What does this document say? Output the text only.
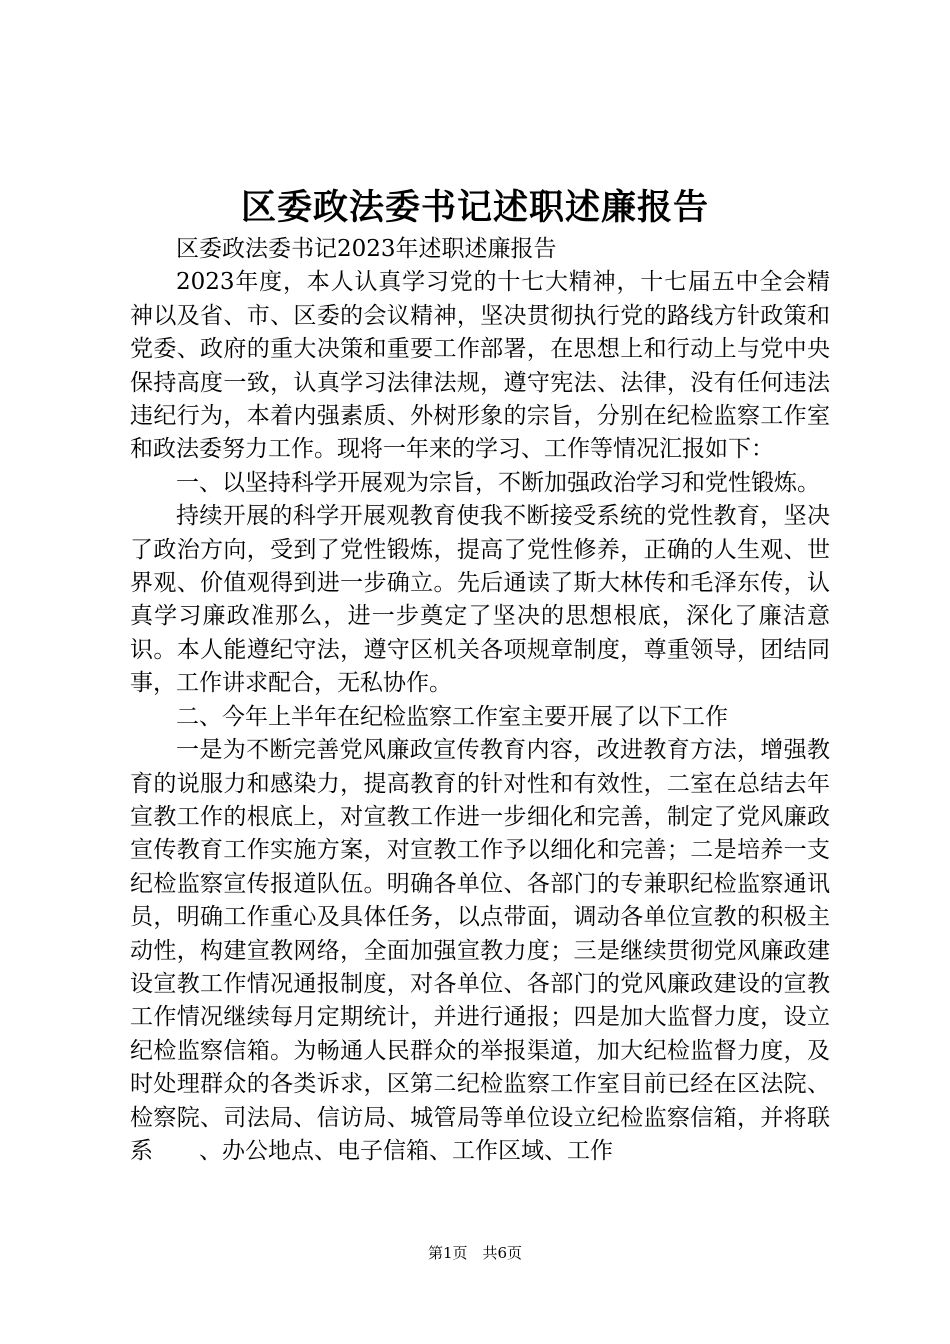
区委政法委书记述职述廉报告

区委政法委书记2023年述职述廉报告

2023年度，本人认真学习党的十七大精神，十七届五中全会精神以及省、市、区委的会议精神，坚决贯彻执行党的路线方针政策和党委、政府的重大决策和重要工作部署，在思想上和行动上与党中央保持高度一致，认真学习法律法规，遵守宪法、法律，没有任何违法违纪行为，本着内强素质、外树形象的宗旨，分别在纪检监察工作室和政法委努力工作。现将一年来的学习、工作等情况汇报如下：

一、以坚持科学开展观为宗旨，不断加强政治学习和党性锻炼。

持续开展的科学开展观教育使我不断接受系统的党性教育，坚决了政治方向，受到了党性锻炼，提高了党性修养，正确的人生观、世界观、价值观得到进一步确立。先后通读了斯大林传和毛泽东传，认真学习廉政准那么，进一步奠定了坚决的思想根底，深化了廉洁意识。本人能遵纪守法，遵守区机关各项规章制度，尊重领导，团结同事，工作讲求配合，无私协作。

二、今年上半年在纪检监察工作室主要开展了以下工作

一是为不断完善党风廉政宣传教育内容，改进教育方法，增强教育的说服力和感染力，提高教育的针对性和有效性，二室在总结去年宣教工作的根底上，对宣教工作进一步细化和完善，制定了党风廉政宣传教育工作实施方案，对宣教工作予以细化和完善；二是培养一支纪检监察宣传报道队伍。明确各单位、各部门的专兼职纪检监察通讯员，明确工作重心及具体任务，以点带面，调动各单位宣教的积极主动性，构建宣教网络，全面加强宣教力度；三是继续贯彻党风廉政建设宣教工作情况通报制度，对各单位、各部门的党风廉政建设的宣教工作情况继续每月定期统计，并进行通报；四是加大监督力度，设立纪检监察信箱。为畅通人民群众的举报渠道，加大纪检监督力度，及时处理群众的各类诉求，区第二纪检监察工作室目前已经在区法院、检察院、司法局、信访局、城管局等单位设立纪检监察信箱，并将联系　　、办公地点、电子信箱、工作区域、工作

第1页　共6页
